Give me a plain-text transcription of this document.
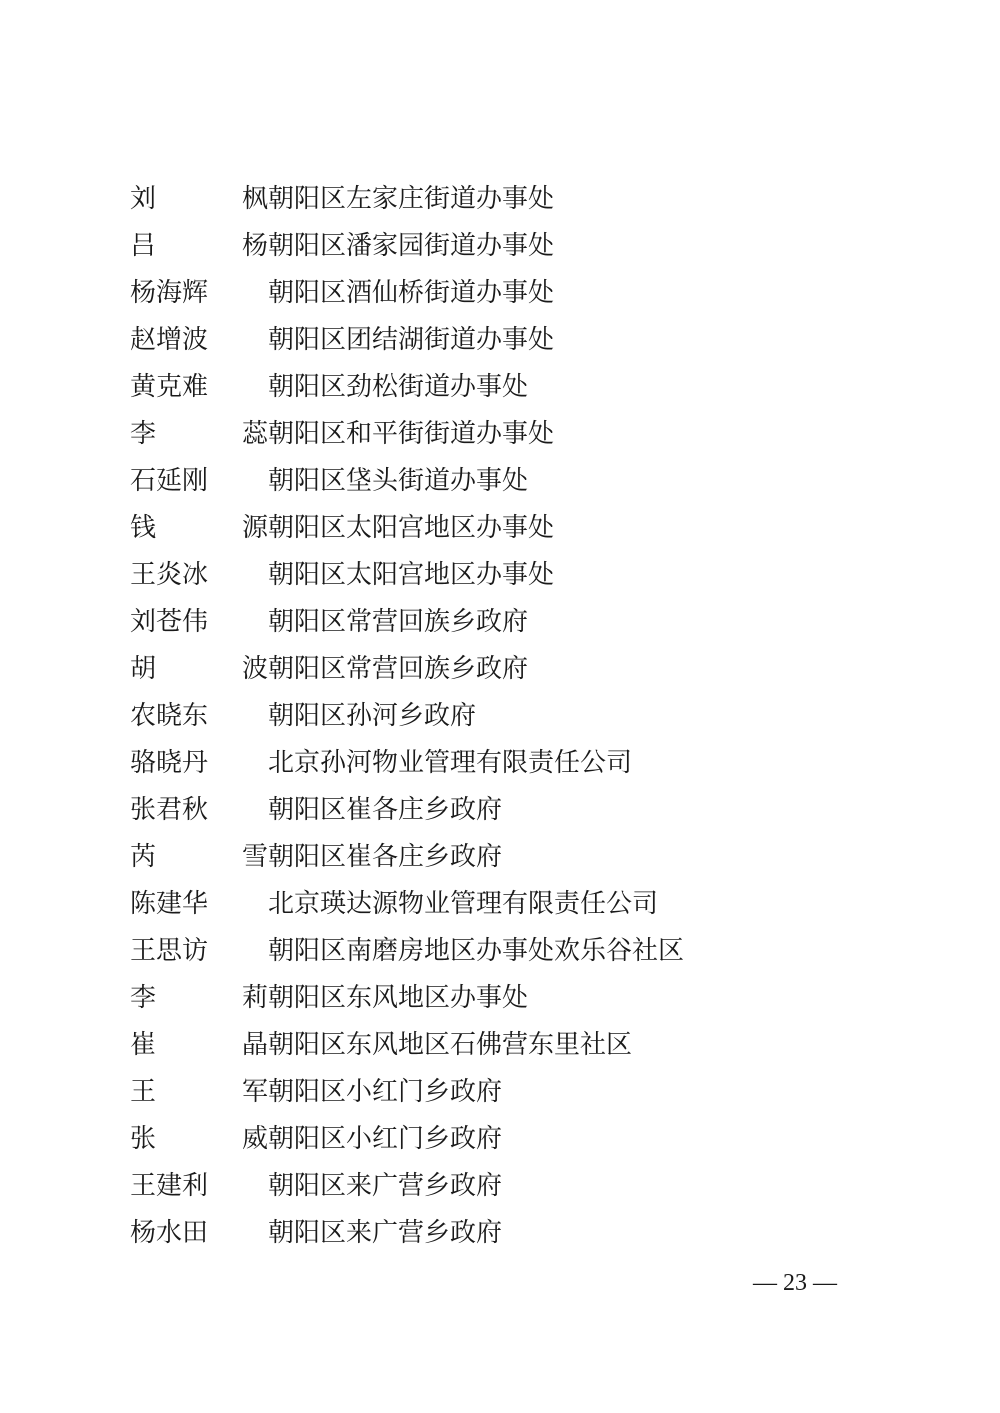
刘	枫 朝阳区左家庄街道办事处
吕	杨 朝阳区潘家园街道办事处
杨海辉 朝阳区酒仙桥街道办事处
赵增波 朝阳区团结湖街道办事处
黄克难 朝阳区劲松街道办事处
李	蕊 朝阳区和平街街道办事处
石延刚 朝阳区垡头街道办事处
钱	源 朝阳区太阳宫地区办事处
王炎冰 朝阳区太阳宫地区办事处
刘苍伟 朝阳区常营回族乡政府
胡	波 朝阳区常营回族乡政府
农晓东 朝阳区孙河乡政府
骆晓丹 北京孙河物业管理有限责任公司
张君秋 朝阳区崔各庄乡政府
芮	雪 朝阳区崔各庄乡政府
陈建华 北京瑛达源物业管理有限责任公司
王思访 朝阳区南磨房地区办事处欢乐谷社区
李	莉 朝阳区东风地区办事处
崔	晶 朝阳区东风地区石佛营东里社区
王	军 朝阳区小红门乡政府
张	威 朝阳区小红门乡政府
王建利 朝阳区来广营乡政府
杨水田 朝阳区来广营乡政府
— 23 —
